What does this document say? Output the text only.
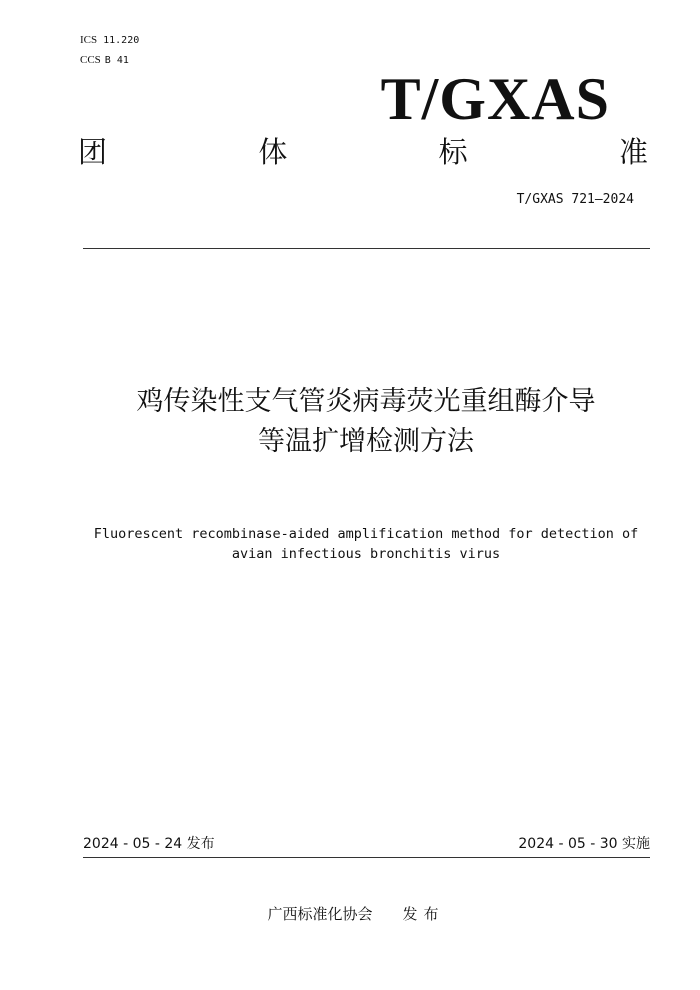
ICS 11.220
CCS B 41
T/GXAS
团	体	标	准
T/GXAS 721—2024
鸡传染性支气管炎病毒荧光重组酶介导
等温扩增检测方法
Fluorescent recombinase-aided amplification method for detection of
avian infectious bronchitis virus
2024 - 05 - 24 发布	2024 - 05 - 30 实施
广西标准化协会 发布
